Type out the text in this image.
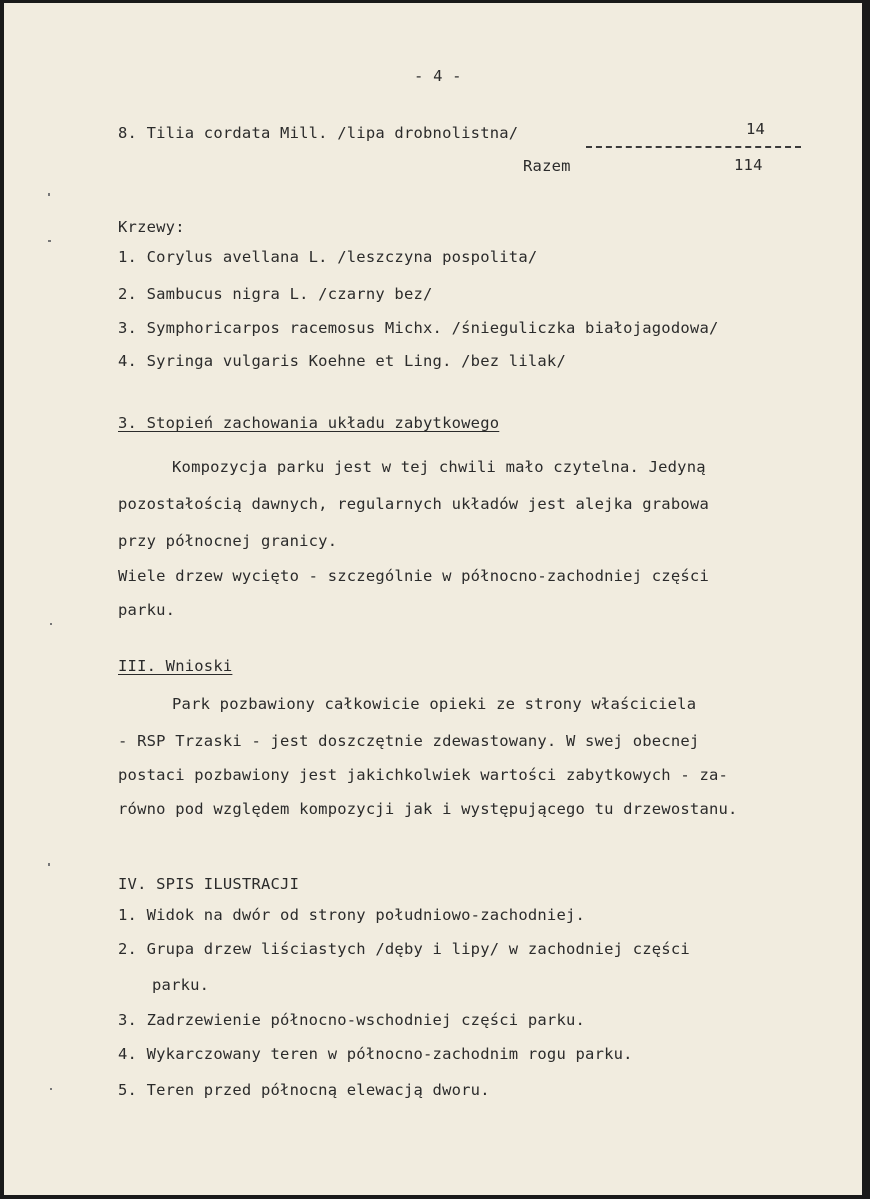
- 4 -
8. Tilia cordata Mill. /lipa drobnolistna/	14
Razem	114
Krzewy:
1. Corylus avellana L. /leszczyna pospolita/
2. Sambucus nigra L. /czarny bez/
3. Symphoricarpos racemosus Michx. /śnieguliczka białojagodowa/
4. Syringa vulgaris Koehne et Ling. /bez lilak/
3. Stopień zachowania układu zabytkowego
Kompozycja parku jest w tej chwili mało czytelna. Jedyną
pozostałością dawnych, regularnych układów jest alejka grabowa
przy północnej granicy.
Wiele drzew wycięto - szczególnie w północno-zachodniej części
parku.
III. Wnioski
Park pozbawiony całkowicie opieki ze strony właściciela
- RSP Trzaski - jest doszczętnie zdewastowany. W swej obecnej
postaci pozbawiony jest jakichkolwiek wartości zabytkowych - za-
równo pod względem kompozycji jak i występującego tu drzewostanu.
IV. SPIS ILUSTRACJI
1. Widok na dwór od strony południowo-zachodniej.
2. Grupa drzew liściastych /dęby i lipy/ w zachodniej części
parku.
3. Zadrzewienie północno-wschodniej części parku.
4. Wykarczowany teren w północno-zachodnim rogu parku.
5. Teren przed północną elewacją dworu.
